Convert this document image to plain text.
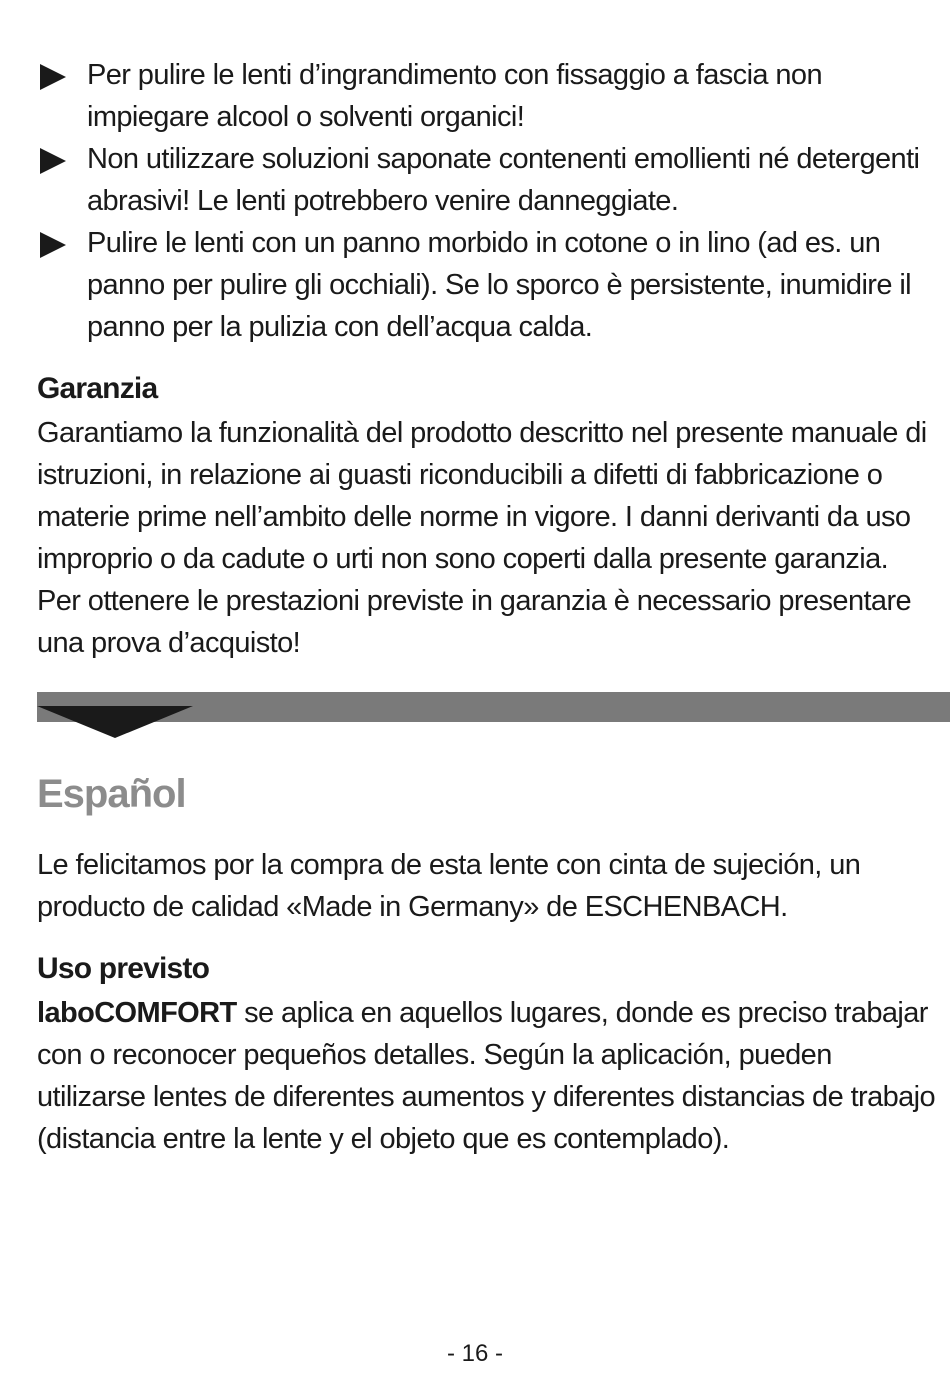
Per pulire le lenti d’ingrandimento con fissaggio a fascia non impiegare alcool o solventi organici!
Non utilizzare soluzioni saponate contenenti emollienti né detergenti abrasivi! Le lenti potrebbero venire danneggiate.
Pulire le lenti con un panno morbido in cotone o in lino (ad es. un panno per pulire gli occhiali). Se lo sporco è persistente, inumidire il panno per la pulizia con dell’acqua calda.
Garanzia

Garantiamo la funzionalità del prodotto descritto nel presente manuale di istruzioni, in relazione ai guasti riconducibili a difetti di fabbricazione o materie prime nell’ambito delle norme in vigore. I danni derivanti da uso improprio o da cadute o urti non sono coperti dalla presente garanzia. Per ottenere le prestazioni previste in garanzia è necessario presentare una prova d’acquisto!

Español

Le felicitamos por la compra de esta lente con cinta de sujeción, un producto de calidad «Made in Germany» de ESCHENBACH.

Uso previsto

laboCOMFORT se aplica en aquellos lugares, donde es preciso trabajar con o reconocer pequeños detalles. Según la aplicación, pueden utilizarse lentes de diferentes aumentos y diferentes distancias de trabajo (distancia entre la lente y el objeto que es contemplado).

- 16 -
